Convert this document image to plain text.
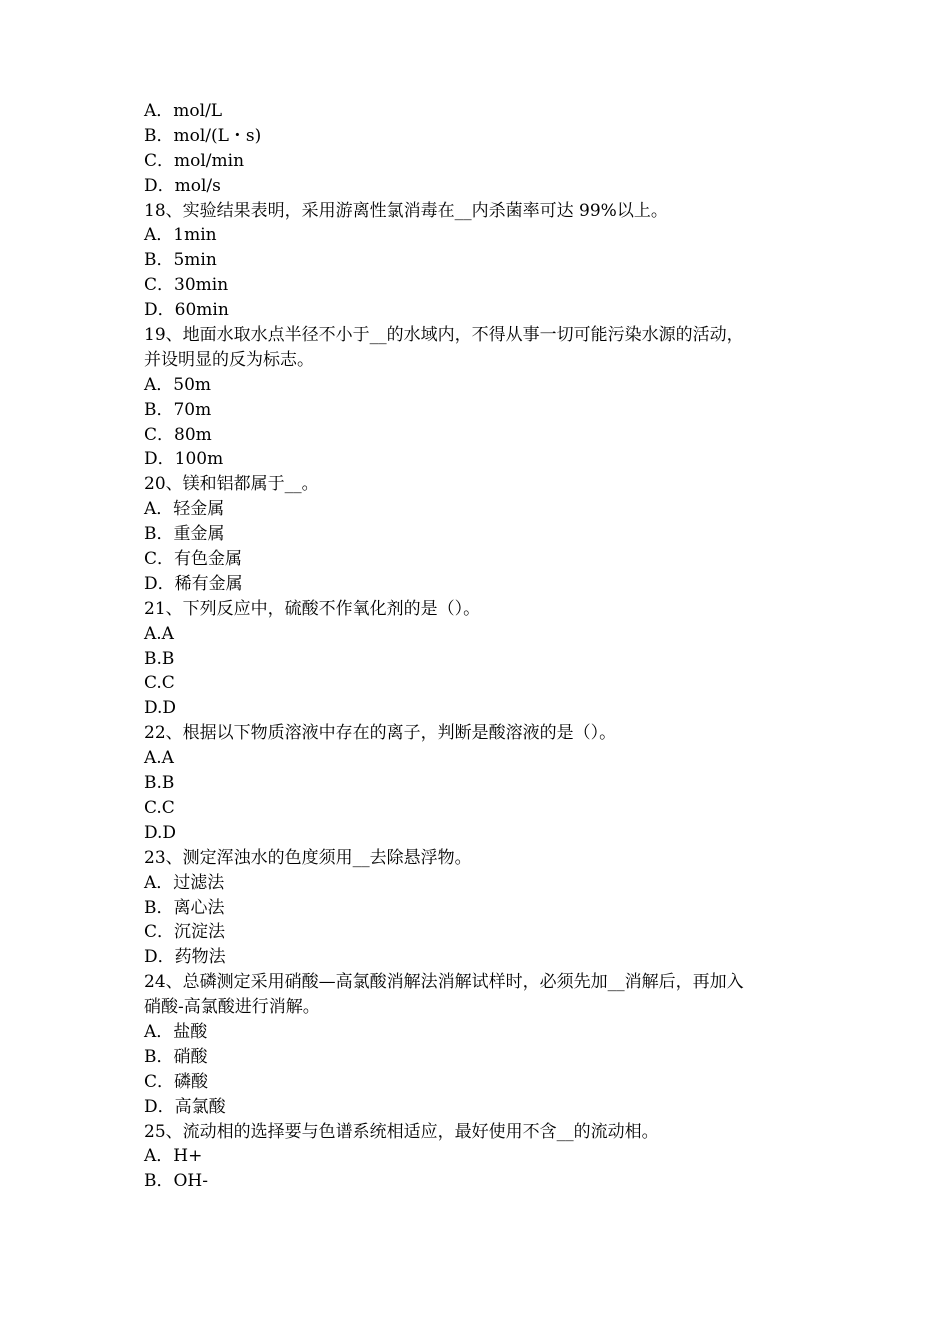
A．mol/L
B．mol/(L・s)
C．mol/min
D．mol/s
18、实验结果表明，采用游离性氯消毒在__内杀菌率可达 99%以上。
A．1min
B．5min
C．30min
D．60min
19、地面水取水点半径不小于__的水域内，不得从事一切可能污染水源的活动，
并设明显的反为标志。
A．50m
B．70m
C．80m
D．100m
20、镁和铝都属于__。
A．轻金属
B．重金属
C．有色金属
D．稀有金属
21、下列反应中，硫酸不作氧化剂的是（）。
A.A
B.B
C.C
D.D
22、根据以下物质溶液中存在的离子，判断是酸溶液的是（）。
A.A
B.B
C.C
D.D
23、测定浑浊水的色度须用__去除悬浮物。
A．过滤法
B．离心法
C．沉淀法
D．药物法
24、总磷测定采用硝酸—高氯酸消解法消解试样时，必须先加__消解后，再加入
硝酸-高氯酸进行消解。
A．盐酸
B．硝酸
C．磷酸
D．高氯酸
25、流动相的选择要与色谱系统相适应，最好使用不含__的流动相。
A．H+
B．OH-
